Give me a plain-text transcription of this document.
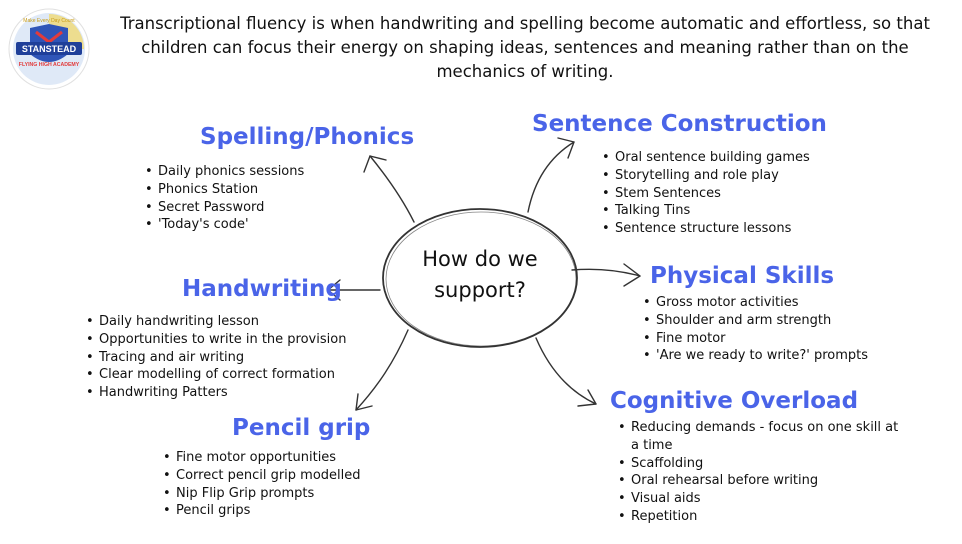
STANSTEAD
FLYING HIGH ACADEMY
Make Every Day Count	Transcriptional fluency is when handwriting and spelling become automatic and effortless, so that children can focus their energy on shaping ideas, sentences and meaning rather than on the mechanics of writing.
How do we
support?
Spelling/Phonics
• Daily phonics sessions
• Phonics Station
• Secret Password
• 'Today's code'
Sentence Construction
• Oral sentence building games
• Storytelling and role play
• Stem Sentences
• Talking Tins
• Sentence structure lessons
Handwriting
• Daily handwriting lesson
• Opportunities to write in the provision
• Tracing and air writing
• Clear modelling of correct formation
• Handwriting Patters
Physical Skills
• Gross motor activities
• Shoulder and arm strength
• Fine motor
• 'Are we ready to write?' prompts
Pencil grip
• Fine motor opportunities
• Correct pencil grip modelled
• Nip Flip Grip prompts
• Pencil grips
Cognitive Overload
• Reducing demands - focus on one skill at a time
• Scaffolding
• Oral rehearsal before writing
• Visual aids
• Repetition
